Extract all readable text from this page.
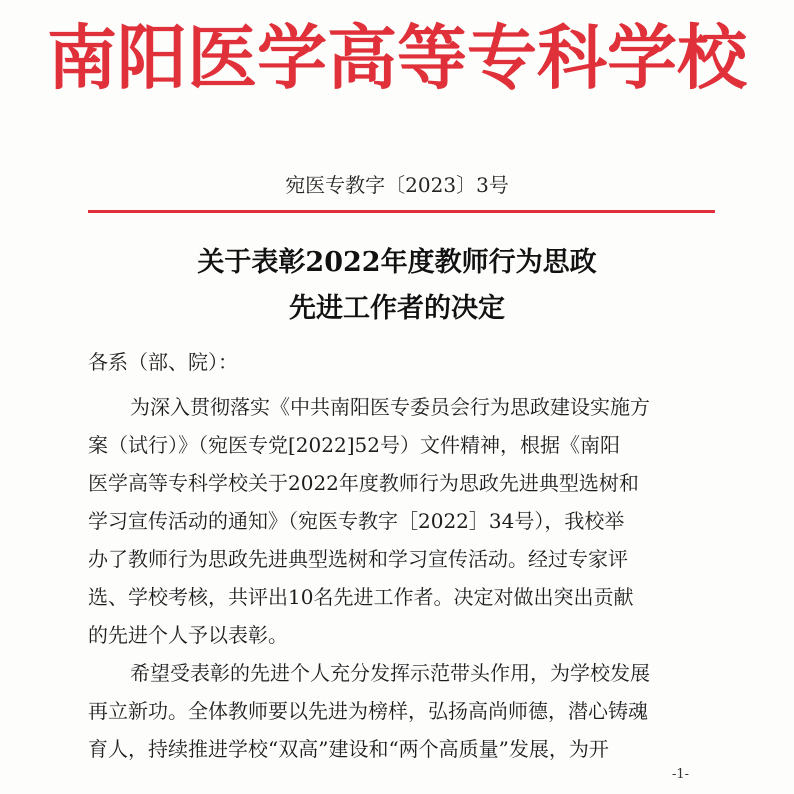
南阳医学高等专科学校
宛医专教字〔2023〕3号
关于表彰2022年度教师行为思政
先进工作者的决定
各系（部、院）：
为深入贯彻落实《中共南阳医专委员会行为思政建设实施方
案（试行）》（宛医专党[2022]52号）文件精神，根据《南阳
医学高等专科学校关于2022年度教师行为思政先进典型选树和
学习宣传活动的通知》（宛医专教字［2022］34号），我校举
办了教师行为思政先进典型选树和学习宣传活动。经过专家评
选、学校考核，共评出10名先进工作者。决定对做出突出贡献
的先进个人予以表彰。
希望受表彰的先进个人充分发挥示范带头作用，为学校发展
再立新功。全体教师要以先进为榜样，弘扬高尚师德，潜心铸魂
育人，持续推进学校“双高”建设和“两个高质量”发展，为开
-1-
